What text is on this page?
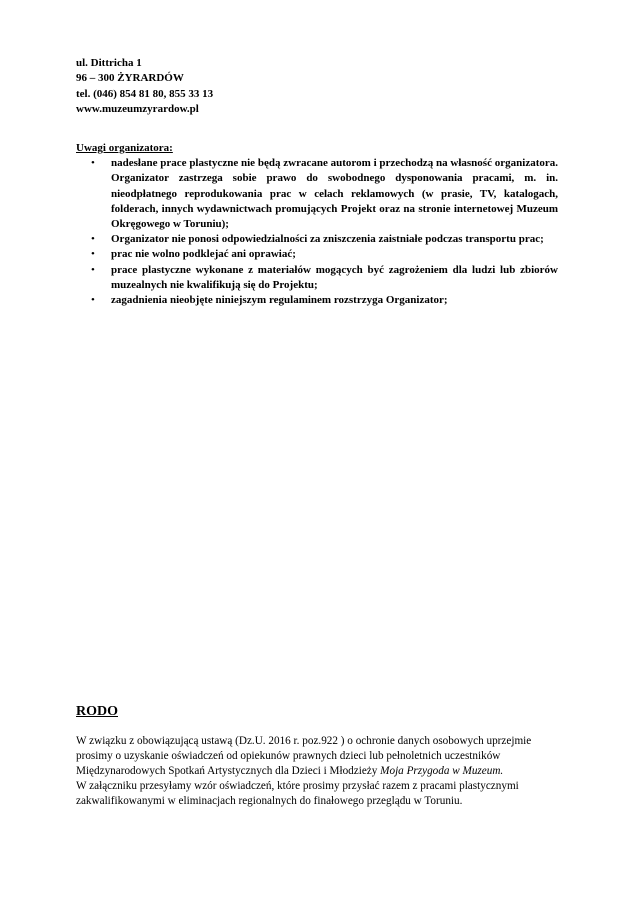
ul. Dittricha 1
96 – 300 ŻYRARDÓW
tel. (046) 854 81 80, 855 33 13
www.muzeumzyrardow.pl
Uwagi organizatora:
• nadesłane prace plastyczne nie będą zwracane autorom i przechodzą na własność organizatora. Organizator zastrzega sobie prawo do swobodnego dysponowania pracami, m. in. nieodpłatnego reprodukowania prac w celach reklamowych (w prasie, TV, katalogach, folderach, innych wydawnictwach promujących Projekt oraz na stronie internetowej Muzeum Okręgowego w Toruniu);
• Organizator nie ponosi odpowiedzialności za zniszczenia zaistniałe podczas transportu prac;
• prac nie wolno podklejać ani oprawiać;
• prace plastyczne wykonane z materiałów mogących być zagrożeniem dla ludzi lub zbiorów muzealnych nie kwalifikują się do Projektu;
• zagadnienia nieobjęte niniejszym regulaminem rozstrzyga Organizator;
RODO
W związku z obowiązującą ustawą (Dz.U. 2016 r. poz.922 ) o ochronie danych osobowych uprzejmie
prosimy o uzyskanie oświadczeń od opiekunów prawnych dzieci lub pełnoletnich uczestników
Międzynarodowych Spotkań Artystycznych dla Dzieci i Młodzieży Moja Przygoda w Muzeum.
W załączniku przesyłamy wzór oświadczeń, które prosimy przysłać razem z pracami plastycznymi
zakwalifikowanymi w eliminacjach regionalnych do finałowego przeglądu w Toruniu.
